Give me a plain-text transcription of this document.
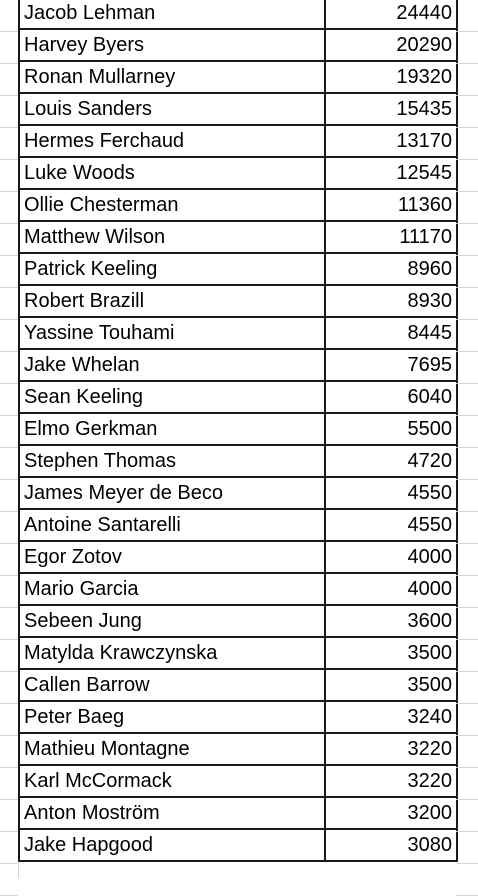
Jacob Lehman	24440
Harvey Byers	20290
Ronan Mullarney	19320
Louis Sanders	15435
Hermes Ferchaud	13170
Luke Woods	12545
Ollie Chesterman	11360
Matthew Wilson	11170
Patrick Keeling	8960
Robert Brazill	8930
Yassine Touhami	8445
Jake Whelan	7695
Sean Keeling	6040
Elmo Gerkman	5500
Stephen Thomas	4720
James Meyer de Beco	4550
Antoine Santarelli	4550
Egor Zotov	4000
Mario Garcia	4000
Sebeen Jung	3600
Matylda Krawczynska	3500
Callen Barrow	3500
Peter Baeg	3240
Mathieu Montagne	3220
Karl McCormack	3220
Anton Moström	3200
Jake Hapgood	3080
